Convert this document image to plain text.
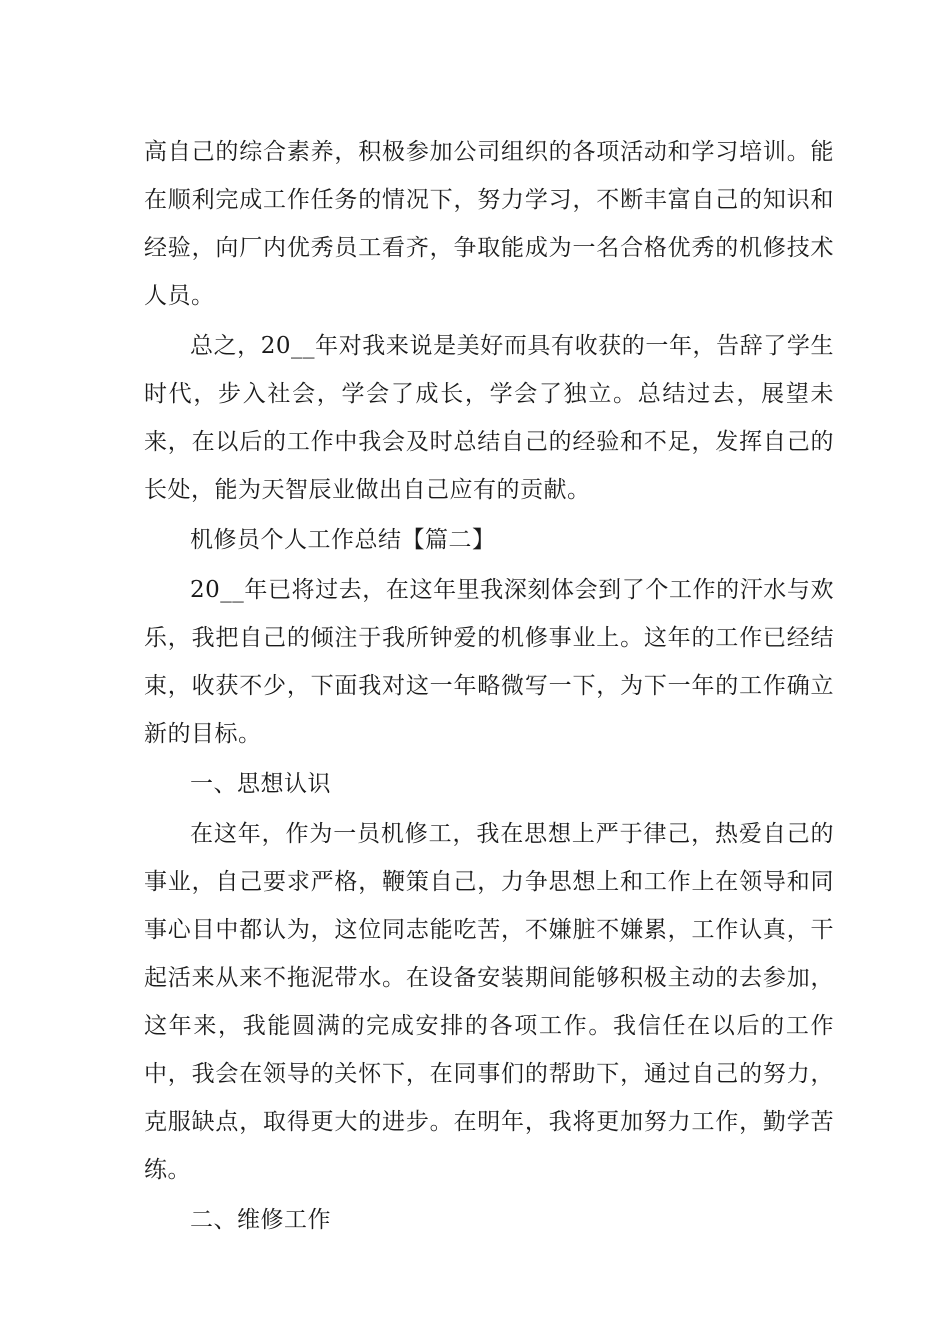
高自己的综合素养，积极参加公司组织的各项活动和学习培训。能在顺利完成工作任务的情况下，努力学习，不断丰富自己的知识和经验，向厂内优秀员工看齐，争取能成为一名合格优秀的机修技术人员。

总之，20__年对我来说是美好而具有收获的一年，告辞了学生时代，步入社会，学会了成长，学会了独立。总结过去，展望未来，在以后的工作中我会及时总结自己的经验和不足，发挥自己的长处，能为天智辰业做出自己应有的贡献。

机修员个人工作总结【篇二】

20__年已将过去，在这年里我深刻体会到了个工作的汗水与欢乐，我把自己的倾注于我所钟爱的机修事业上。这年的工作已经结束，收获不少，下面我对这一年略微写一下，为下一年的工作确立新的目标。

一、思想认识

在这年，作为一员机修工，我在思想上严于律己，热爱自己的事业，自己要求严格，鞭策自己，力争思想上和工作上在领导和同事心目中都认为，这位同志能吃苦，不嫌脏不嫌累，工作认真，干起活来从来不拖泥带水。在设备安装期间能够积极主动的去参加，这年来，我能圆满的完成安排的各项工作。我信任在以后的工作中，我会在领导的关怀下，在同事们的帮助下，通过自己的努力，克服缺点，取得更大的进步。在明年，我将更加努力工作，勤学苦练。

二、维修工作
